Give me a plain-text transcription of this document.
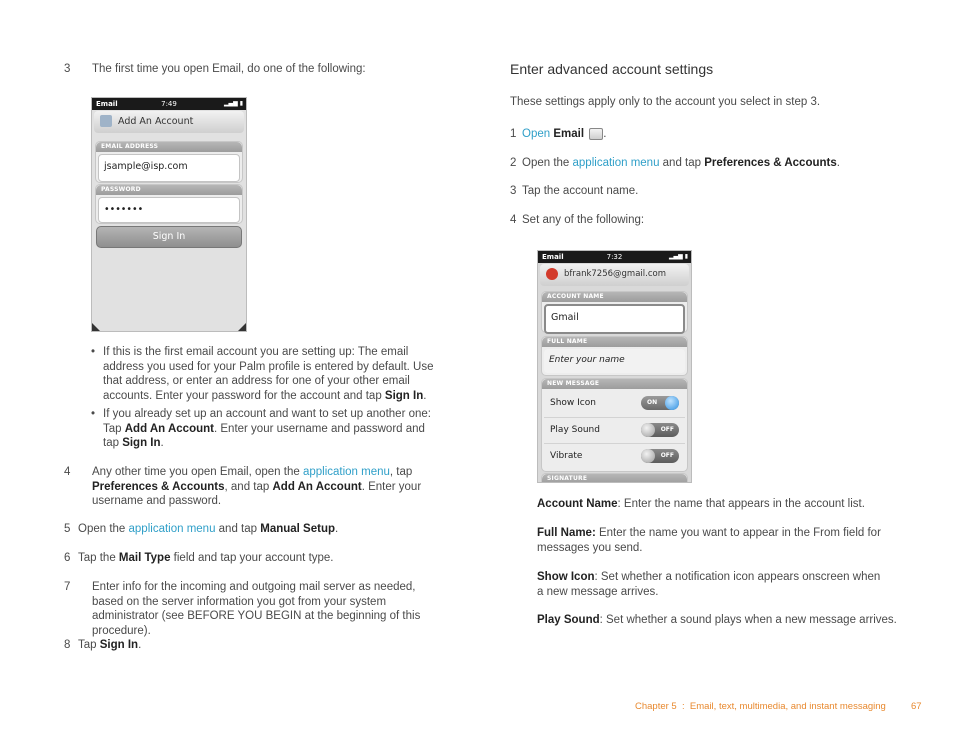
3	The first time you open Email, do one of the following:
Email	7:49	▂▄▆ ▮
Add An Account
EMAIL ADDRESS
jsample@isp.com
PASSWORD
•••••••
Sign In
• If this is the first email account you are setting up: The email address you used for your Palm profile is entered by default. Use that address, or enter an address for one of your other email accounts. Enter your password for the account and tap Sign In.
• If you already set up an account and want to set up another one: Tap Add An Account. Enter your username and password and tap Sign In.
4	Any other time you open Email, open the application menu, tap Preferences & Accounts, and tap Add An Account. Enter your username and password.
5 Open the application menu and tap Manual Setup.
6 Tap the Mail Type field and tap your account type.
7	Enter info for the incoming and outgoing mail server as needed, based on the server information you got from your system administrator (see BEFORE YOU BEGIN at the beginning of this procedure).
8 Tap Sign In.
Enter advanced account settings
These settings apply only to the account you select in step 3.
1 Open Email .
2 Open the application menu and tap Preferences & Accounts.
3 Tap the account name.
4 Set any of the following:
Email	7:32	▂▄▆ ▮
bfrank7256@gmail.com
ACCOUNT NAME
Gmail
FULL NAME
Enter your name
NEW MESSAGE
Show Icon	ON
Play Sound	OFF
Vibrate	OFF
SIGNATURE
Account Name: Enter the name that appears in the account list.
Full Name: Enter the name you want to appear in the From field for messages you send.
Show Icon: Set whether a notification icon appears onscreen when a new message arrives.
Play Sound: Set whether a sound plays when a new message arrives.
Chapter 5  :  Email, text, multimedia, and instant messaging	67
